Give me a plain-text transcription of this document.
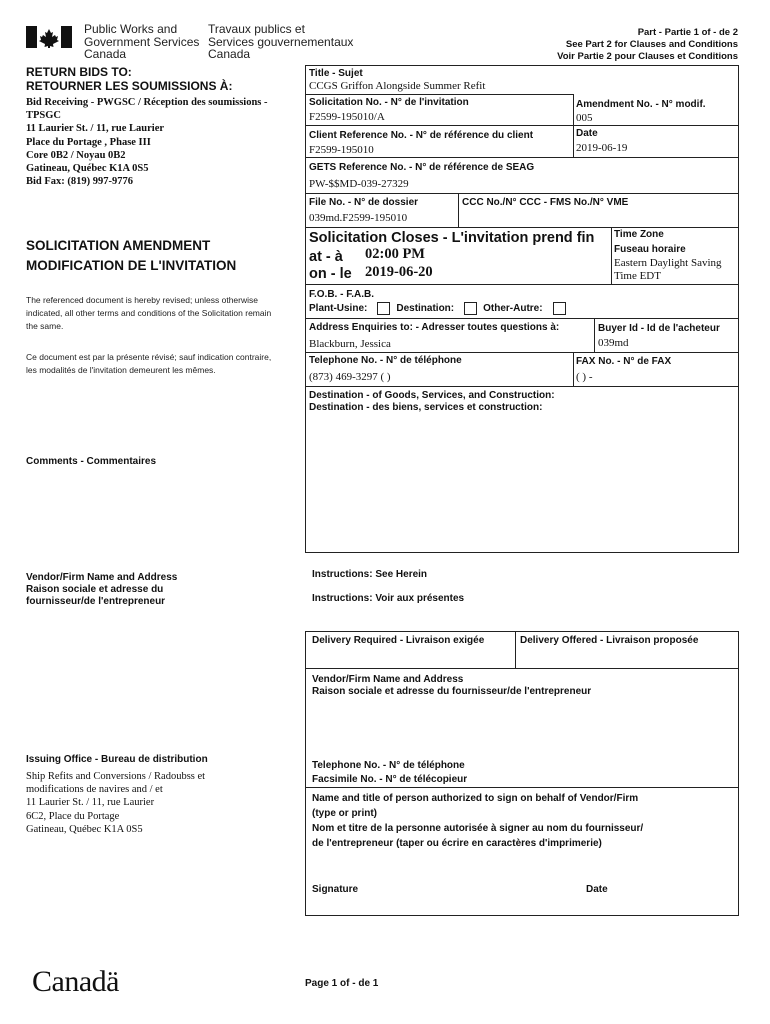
Public Works and
Government Services
Canada
Travaux publics et
Services gouvernementaux
Canada
Part - Partie 1 of - de 2
See Part 2 for Clauses and Conditions
Voir Partie 2 pour Clauses et Conditions
RETURN BIDS TO:
RETOURNER LES SOUMISSIONS À:
Bid Receiving - PWGSC / Réception des soumissions -
TPSGC
11 Laurier St. / 11, rue Laurier
Place du Portage , Phase III
Core 0B2 / Noyau 0B2
Gatineau, Québec K1A 0S5
Bid Fax: (819) 997-9776
SOLICITATION AMENDMENT
MODIFICATION DE L'INVITATION
The referenced document is hereby revised; unless otherwise indicated, all other terms and conditions of the Solicitation remain the same.
Ce document est par la présente révisé; sauf indication contraire, les modalités de l'invitation demeurent les mêmes.
Comments - Commentaires
Vendor/Firm Name and Address
Raison sociale et adresse du
fournisseur/de l'entrepreneur
Issuing Office - Bureau de distribution
Ship Refits and Conversions / Radoubss et
modifications de navires and / et
11 Laurier St. / 11, rue Laurier
6C2, Place du Portage
Gatineau, Québec K1A 0S5
Title - Sujet
CCGS Griffon Alongside Summer Refit
Solicitation No. - N° de l'invitation
F2599-195010/A
Amendment No. - N° modif.
005
Client Reference No. - N° de référence du client
F2599-195010
Date
2019-06-19
GETS Reference No. - N° de référence de SEAG
PW-$$MD-039-27329
File No. - N° de dossier
039md.F2599-195010
CCC No./N° CCC - FMS No./N° VME
Solicitation Closes - L'invitation prend fin
at - à 02:00 PM
on - le 2019-06-20
Time Zone
Fuseau horaire
Eastern Daylight Saving
Time EDT
F.O.B. - F.A.B.
Plant-Usine:	Destination:	Other-Autre:
Address Enquiries to: - Adresser toutes questions à:
Blackburn, Jessica
Buyer Id - Id de l'acheteur
039md
Telephone No. - N° de téléphone
(873) 469-3297 ( )
FAX No. - N° de FAX
( ) -
Destination - of Goods, Services, and Construction:
Destination - des biens, services et construction:
Instructions: See Herein
Instructions: Voir aux présentes
Delivery Required - Livraison exigée	Delivery Offered - Livraison proposée
Vendor/Firm Name and Address
Raison sociale et adresse du fournisseur/de l'entrepreneur
Telephone No. - N° de téléphone
Facsimile No. - N° de télécopieur
Name and title of person authorized to sign on behalf of Vendor/Firm
(type or print)
Nom et titre de la personne autorisée à signer au nom du fournisseur/
de l'entrepreneur (taper ou écrire en caractères d'imprimerie)
Signature	Date
Canadä	Page 1 of - de 1
